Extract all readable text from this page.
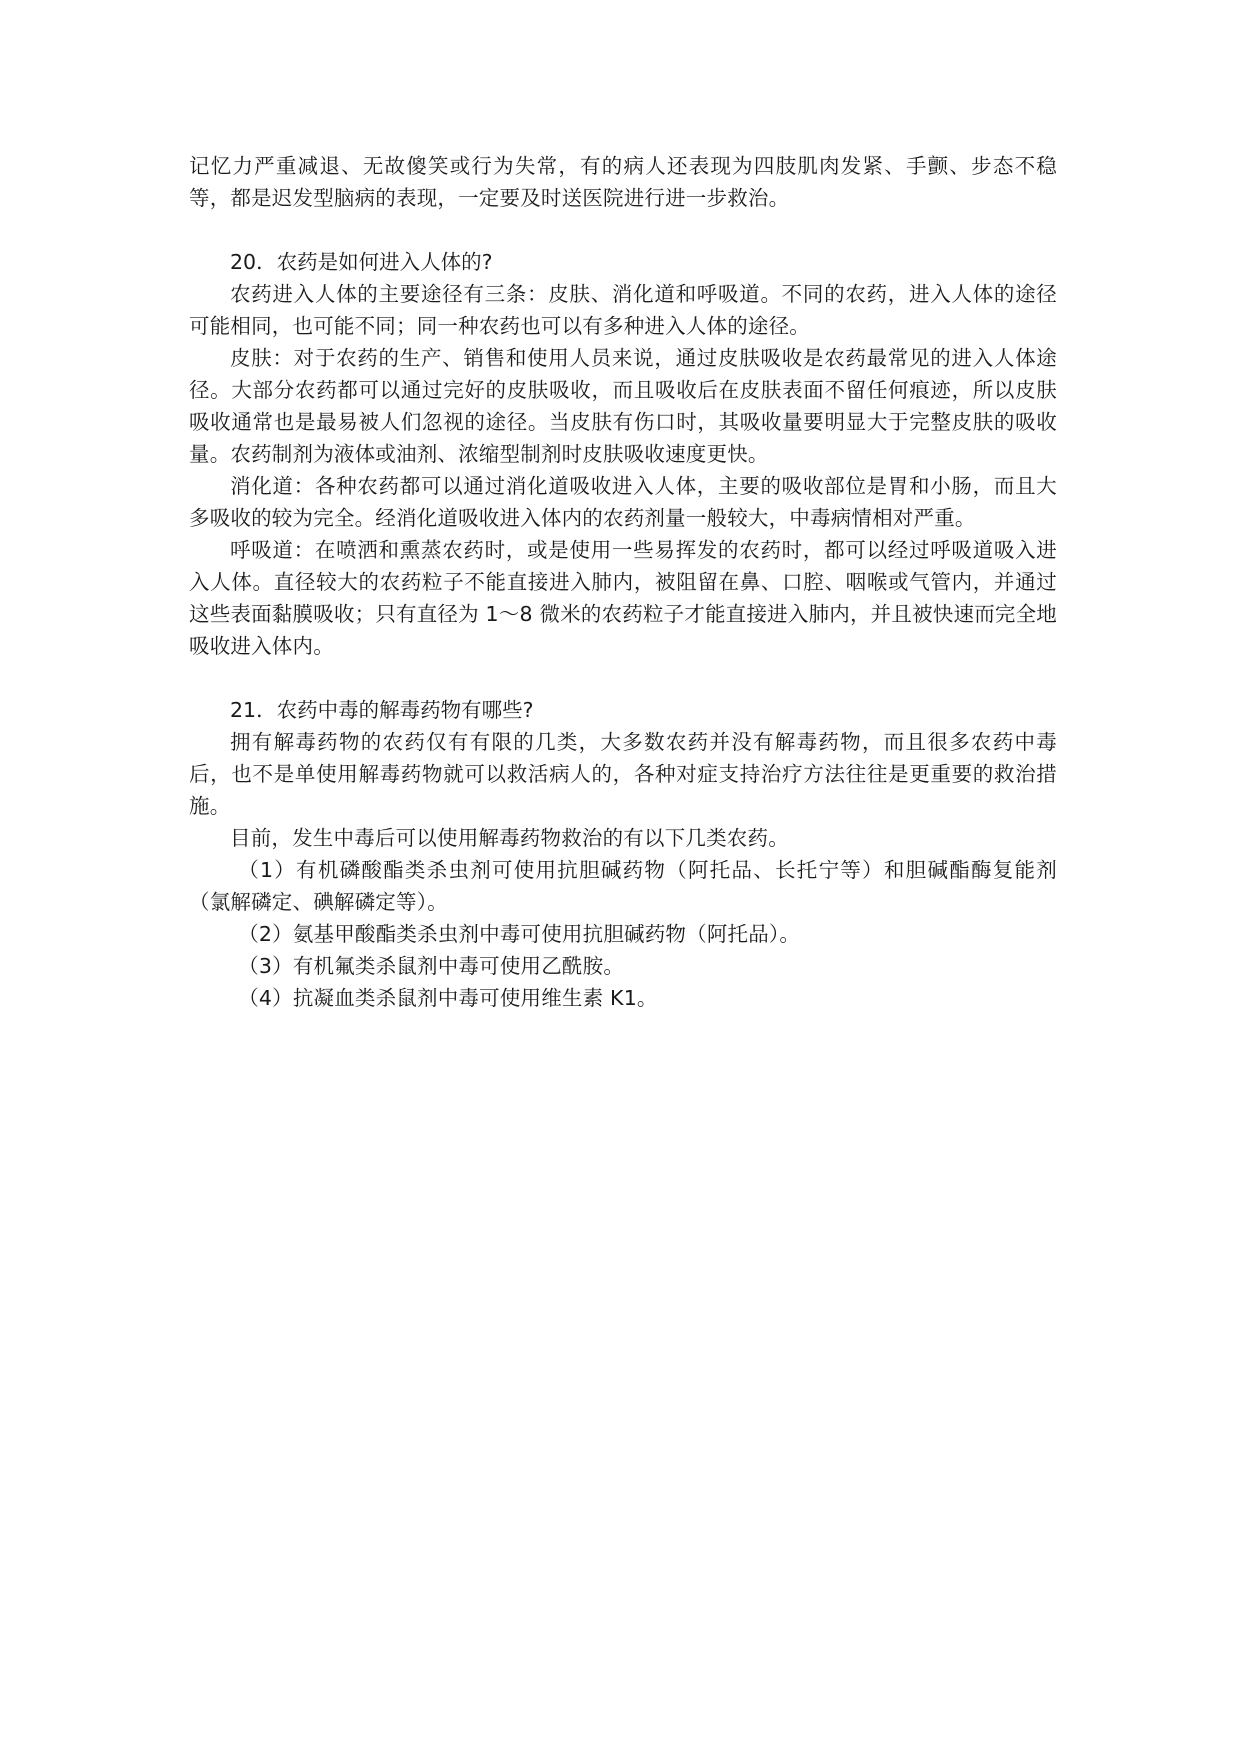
记忆力严重减退、无故傻笑或行为失常，有的病人还表现为四肢肌肉发紧、手颤、步态不稳等，都是迟发型脑病的表现，一定要及时送医院进行进一步救治。

20．农药是如何进入人体的?

农药进入人体的主要途径有三条：皮肤、消化道和呼吸道。不同的农药，进入人体的途径可能相同，也可能不同；同一种农药也可以有多种进入人体的途径。

皮肤：对于农药的生产、销售和使用人员来说，通过皮肤吸收是农药最常见的进入人体途径。大部分农药都可以通过完好的皮肤吸收，而且吸收后在皮肤表面不留任何痕迹，所以皮肤吸收通常也是最易被人们忽视的途径。当皮肤有伤口时，其吸收量要明显大于完整皮肤的吸收量。农药制剂为液体或油剂、浓缩型制剂时皮肤吸收速度更快。

消化道：各种农药都可以通过消化道吸收进入人体，主要的吸收部位是胃和小肠，而且大多吸收的较为完全。经消化道吸收进入体内的农药剂量一般较大，中毒病情相对严重。

呼吸道：在喷洒和熏蒸农药时，或是使用一些易挥发的农药时，都可以经过呼吸道吸入进入人体。直径较大的农药粒子不能直接进入肺内，被阻留在鼻、口腔、咽喉或气管内，并通过这些表面黏膜吸收；只有直径为 1～8 微米的农药粒子才能直接进入肺内，并且被快速而完全地吸收进入体内。

21．农药中毒的解毒药物有哪些?

拥有解毒药物的农药仅有有限的几类，大多数农药并没有解毒药物，而且很多农药中毒后，也不是单使用解毒药物就可以救活病人的，各种对症支持治疗方法往往是更重要的救治措施。

目前，发生中毒后可以使用解毒药物救治的有以下几类农药。

（1）有机磷酸酯类杀虫剂可使用抗胆碱药物（阿托品、长托宁等）和胆碱酯酶复能剂（氯解磷定、碘解磷定等）。

（2）氨基甲酸酯类杀虫剂中毒可使用抗胆碱药物（阿托品）。

（3）有机氟类杀鼠剂中毒可使用乙酰胺。

（4）抗凝血类杀鼠剂中毒可使用维生素 K1。
